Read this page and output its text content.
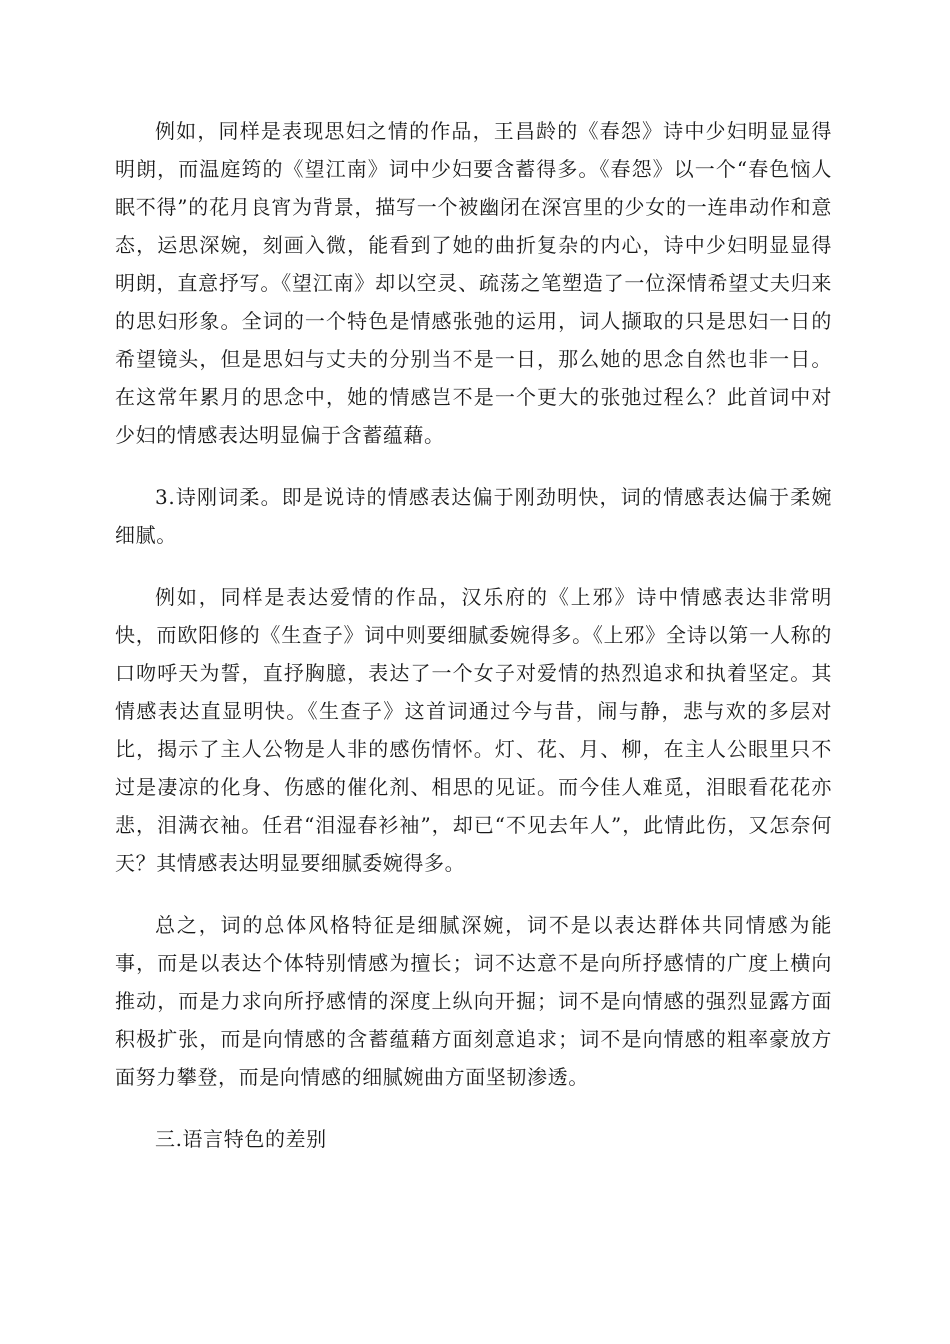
例如，同样是表现思妇之情的作品，王昌龄的《春怨》诗中少妇明显显得明朗，而温庭筠的《望江南》词中少妇要含蓄得多。《春怨》以一个“春色恼人眠不得”的花月良宵为背景，描写一个被幽闭在深宫里的少女的一连串动作和意态，运思深婉，刻画入微，能看到了她的曲折复杂的内心，诗中少妇明显显得明朗，直意抒写。《望江南》却以空灵、疏荡之笔塑造了一位深情希望丈夫归来的思妇形象。全词的一个特色是情感张弛的运用，词人撷取的只是思妇一日的希望镜头，但是思妇与丈夫的分别当不是一日，那么她的思念自然也非一日。在这常年累月的思念中，她的情感岂不是一个更大的张弛过程么？此首词中对少妇的情感表达明显偏于含蓄蕴藉。

3.诗刚词柔。即是说诗的情感表达偏于刚劲明快，词的情感表达偏于柔婉细腻。

例如，同样是表达爱情的作品，汉乐府的《上邪》诗中情感表达非常明快，而欧阳修的《生查子》词中则要细腻委婉得多。《上邪》全诗以第一人称的口吻呼天为誓，直抒胸臆，表达了一个女子对爱情的热烈追求和执着坚定。其情感表达直显明快。《生查子》这首词通过今与昔，闹与静，悲与欢的多层对比，揭示了主人公物是人非的感伤情怀。灯、花、月、柳，在主人公眼里只不过是凄凉的化身、伤感的催化剂、相思的见证。而今佳人难觅，泪眼看花花亦悲，泪满衣袖。任君“泪湿春衫袖”，却已“不见去年人”，此情此伤，又怎奈何天？其情感表达明显要细腻委婉得多。

总之，词的总体风格特征是细腻深婉，词不是以表达群体共同情感为能事，而是以表达个体特别情感为擅长；词不达意不是向所抒感情的广度上横向推动，而是力求向所抒感情的深度上纵向开掘；词不是向情感的强烈显露方面积极扩张，而是向情感的含蓄蕴藉方面刻意追求；词不是向情感的粗率豪放方面努力攀登，而是向情感的细腻婉曲方面坚韧渗透。

三.语言特色的差别
